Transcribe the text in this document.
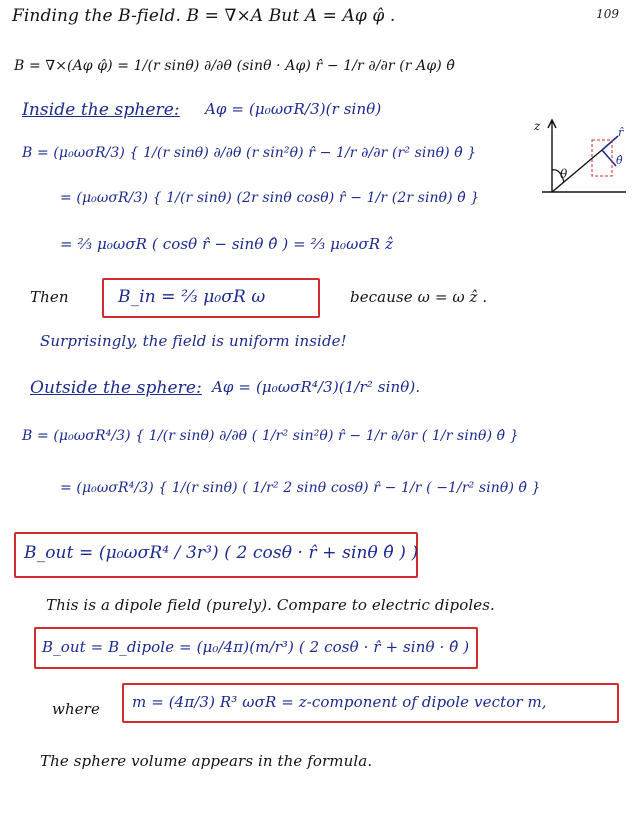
109
Finding the B-field. B = ∇×A But A = Aφ φ̂ .
B = ∇×(Aφ φ̂) = 1/(r sinθ) ∂/∂θ (sinθ · Aφ) r̂ − 1/r ∂/∂r (r Aφ) θ̂
Inside the sphere: Aφ = (μ₀ωσR/3)(r sinθ)
B = (μ₀ωσR/3) { 1/(r sinθ) ∂/∂θ (r sin²θ) r̂ − 1/r ∂/∂r (r² sinθ) θ̂ }
= (μ₀ωσR/3) { 1/(r sinθ) (2r sinθ cosθ) r̂ − 1/r (2r sinθ) θ̂ }
= ⅔ μ₀ωσR ( cosθ r̂ − sinθ θ̂ ) = ⅔ μ₀ωσR ẑ
z
θ
r̂
θ̂
Then	B_in = ⅔ μ₀σR ω	because ω = ω ẑ .
Surprisingly, the field is uniform inside!
Outside the sphere: Aφ = (μ₀ωσR⁴/3)(1/r² sinθ).
B = (μ₀ωσR⁴/3) { 1/(r sinθ) ∂/∂θ ( 1/r² sin²θ) r̂ − 1/r ∂/∂r ( 1/r sinθ) θ̂ }
= (μ₀ωσR⁴/3) { 1/(r sinθ) ( 1/r² 2 sinθ cosθ) r̂ − 1/r ( −1/r² sinθ) θ̂ }
B_out = (μ₀ωσR⁴ / 3r³) ( 2 cosθ · r̂ + sinθ θ̂ ) )
This is a dipole field (purely). Compare to electric dipoles.
B_out = B_dipole = (μ₀/4π)(m/r³) ( 2 cosθ · r̂ + sinθ · θ̂ )
where m = (4π/3) R³ ωσR = z-component of dipole vector m,
The sphere volume appears in the formula.
